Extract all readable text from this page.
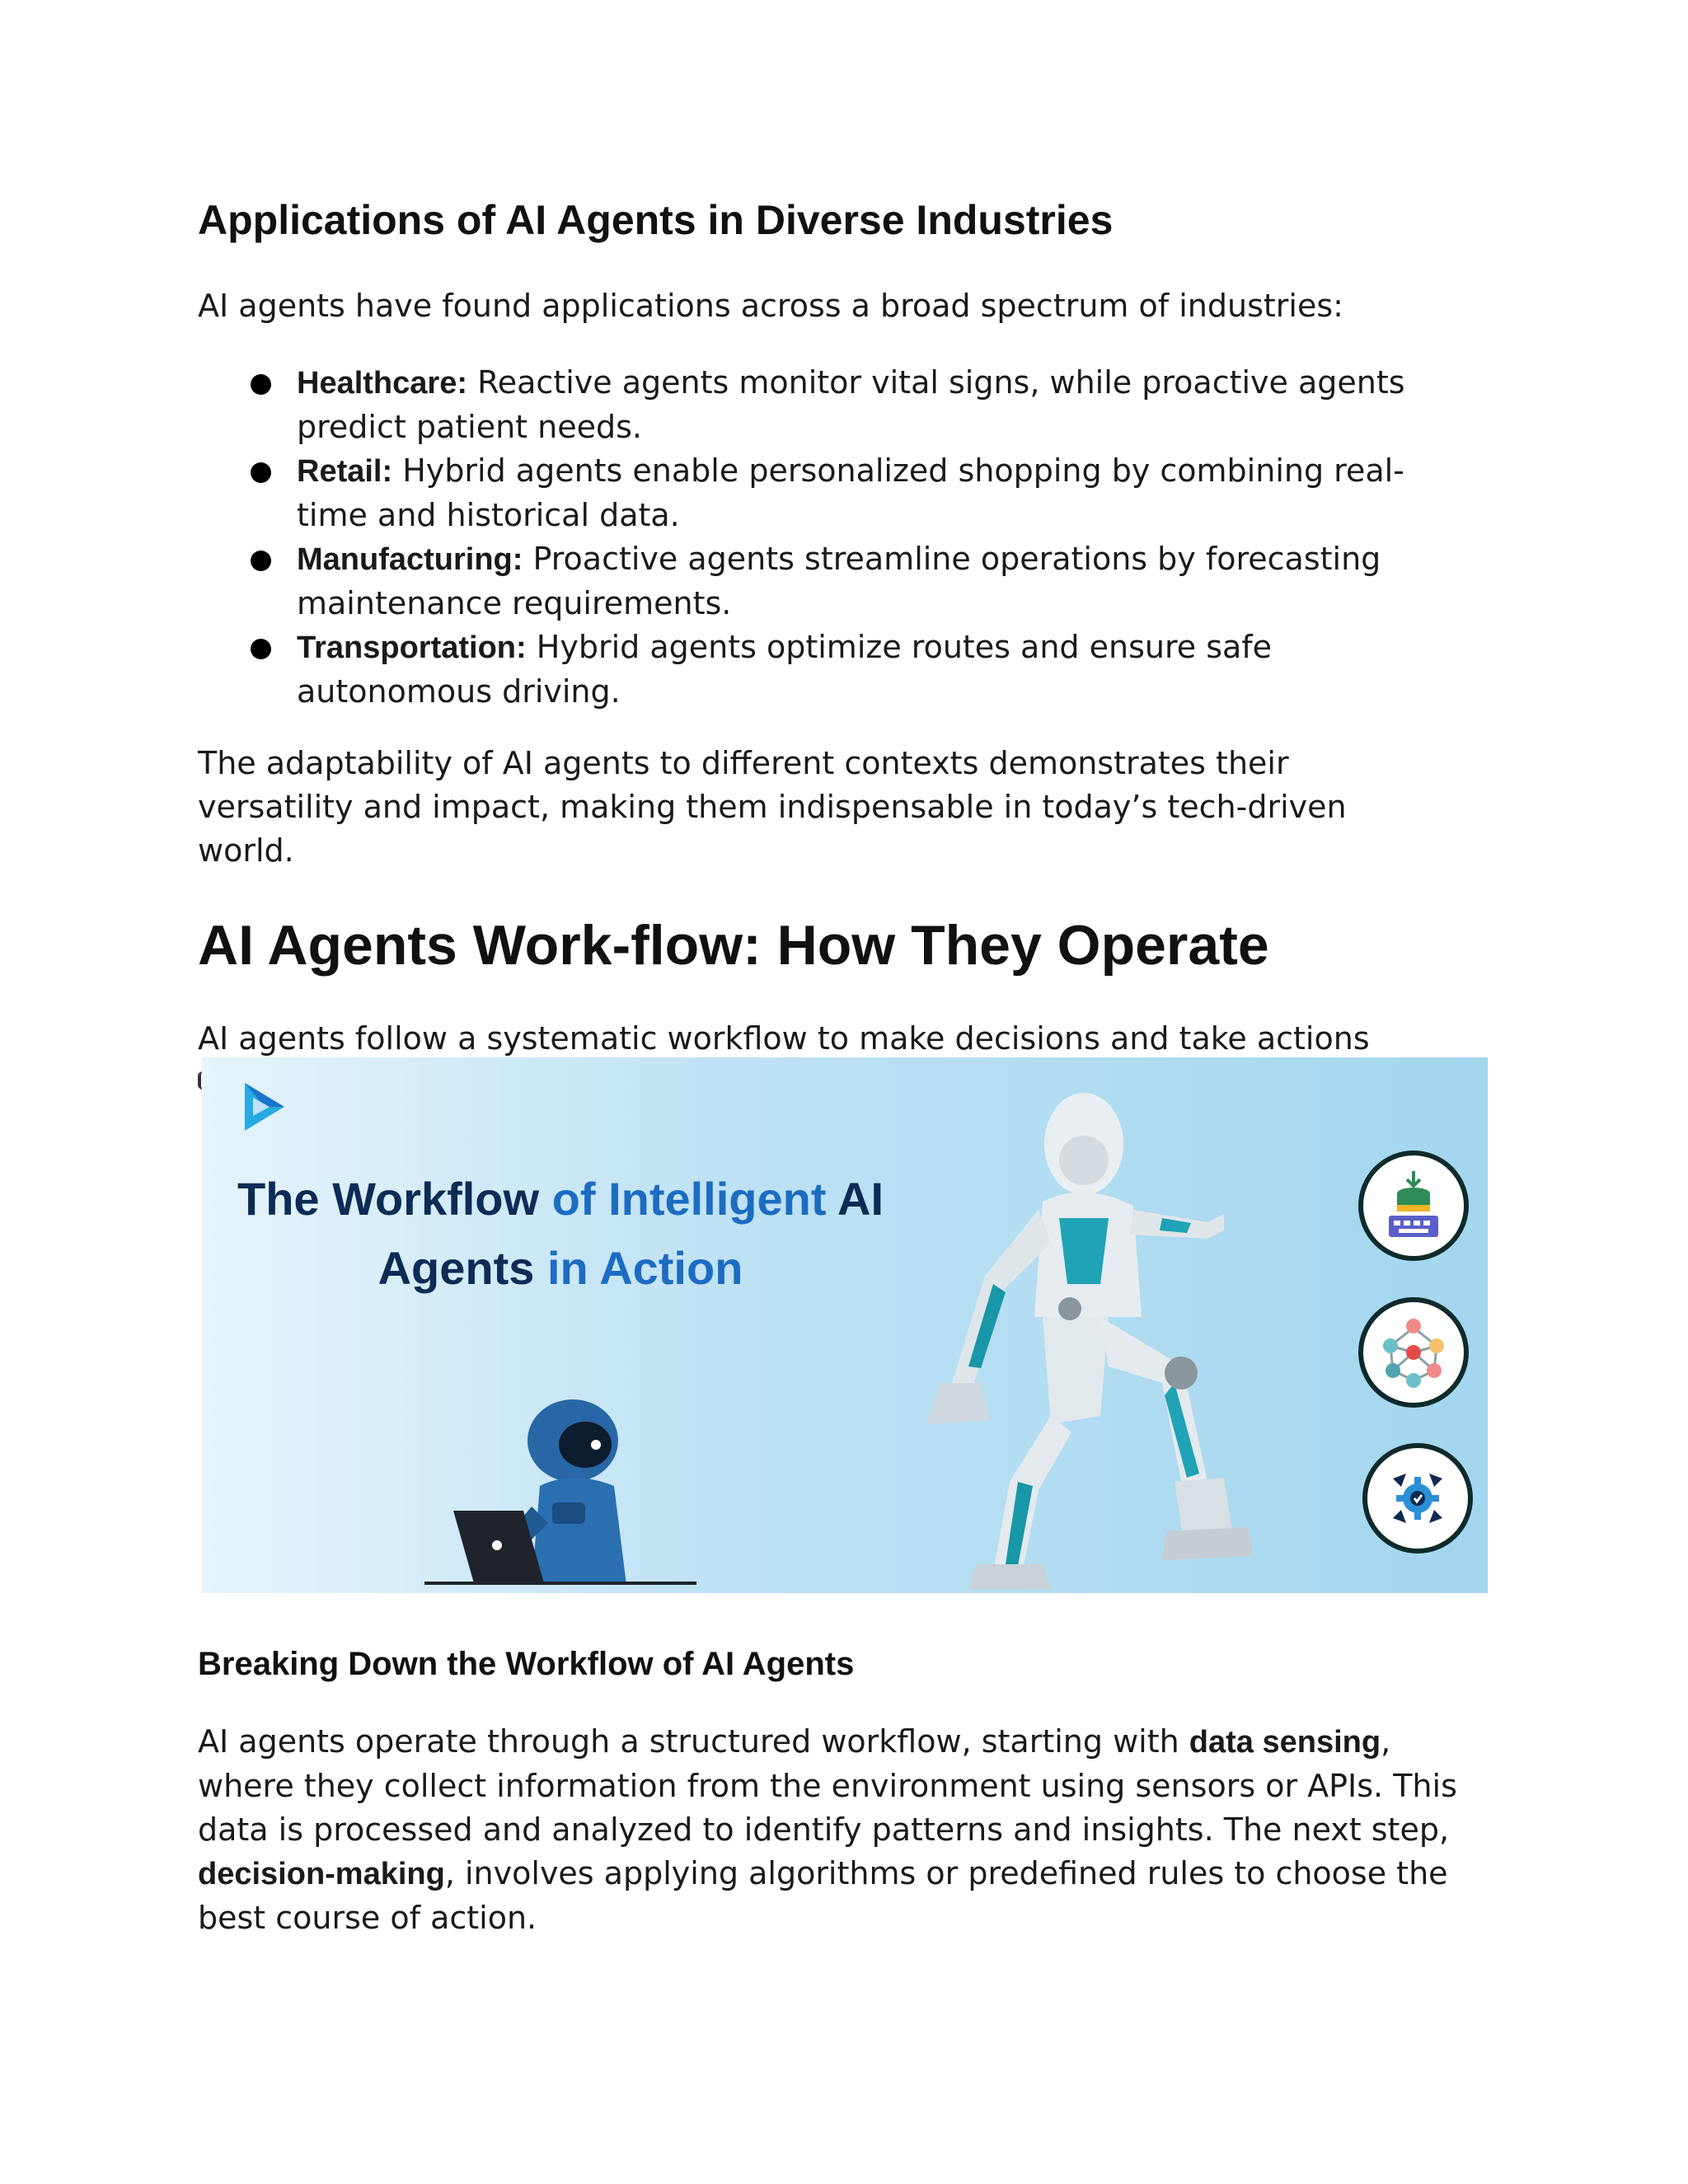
Applications of AI Agents in Diverse Industries

AI agents have found applications across a broad spectrum of industries:

Healthcare: Reactive agents monitor vital signs, while proactive agents predict patient needs.
Retail: Hybrid agents enable personalized shopping by combining real-time and historical data.
Manufacturing: Proactive agents streamline operations by forecasting maintenance requirements.
Transportation: Hybrid agents optimize routes and ensure safe autonomous driving.

The adaptability of AI agents to different contexts demonstrates their versatility and impact, making them indispensable in today’s tech-driven world.

AI Agents Work-flow: How They Operate

AI agents follow a systematic workflow to make decisions and take actions

The Workflow of Intelligent AI
Agents in Action
Breaking Down the Workflow of AI Agents

AI agents operate through a structured workflow, starting with data sensing, where they collect information from the environment using sensors or APIs. This data is processed and analyzed to identify patterns and insights. The next step, decision-making, involves applying algorithms or predefined rules to choose the best course of action.
